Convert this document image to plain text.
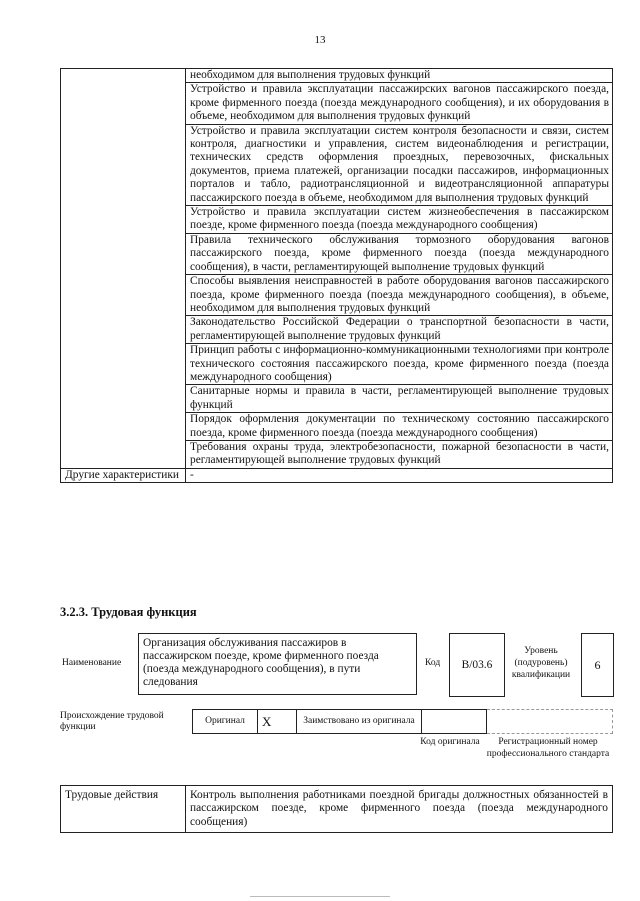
13
	необходимом для выполнения трудовых функций
	Устройство и правила эксплуатации пассажирских вагонов пассажирского поезда, кроме фирменного поезда (поезда международного сообщения), и их оборудования в объеме, необходимом для выполнения трудовых функций
	Устройство и правила эксплуатации систем контроля безопасности и связи, систем контроля, диагностики и управления, систем видеонаблюдения и регистрации, технических средств оформления проездных, перевозочных, фискальных документов, приема платежей, организации посадки пассажиров, информационных порталов и табло, радиотрансляционной и видеотрансляционной аппаратуры пассажирского поезда в объеме, необходимом для выполнения трудовых функций
	Устройство и правила эксплуатации систем жизнеобеспечения в пассажирском поезде, кроме фирменного поезда (поезда международного сообщения)
	Правила технического обслуживания тормозного оборудования вагонов пассажирского поезда, кроме фирменного поезда (поезда международного сообщения), в части, регламентирующей выполнение трудовых функций
	Способы выявления неисправностей в работе оборудования вагонов пассажирского поезда, кроме фирменного поезда (поезда международного сообщения), в объеме, необходимом для выполнения трудовых функций
	Законодательство Российской Федерации о транспортной безопасности в части, регламентирующей выполнение трудовых функций
	Принцип работы с информационно-коммуникационными технологиями при контроле технического состояния пассажирского поезда, кроме фирменного поезда (поезда международного сообщения)
	Санитарные нормы и правила в части, регламентирующей выполнение трудовых функций
	Порядок оформления документации по техническому состоянию пассажирского поезда, кроме фирменного поезда (поезда международного сообщения)
	Требования охраны труда, электробезопасности, пожарной безопасности в части, регламентирующей выполнение трудовых функций
Другие характеристики	-
3.2.3. Трудовая функция
Наименование
Организация обслуживания пассажиров в пассажирском поезде, кроме фирменного поезда (поезда международного сообщения), в пути следования
Код	В/03.6
Уровень (подуровень) квалификации
6
Происхождение трудовой функции
Оригинал	X	Заимствовано из оригинала		
Код оригинала	Регистрационный номер профессионального стандарта
Трудовые действия	Контроль выполнения работниками поездной бригады должностных обязанностей в пассажирском поезде, кроме фирменного поезда (поезда международного сообщения)
